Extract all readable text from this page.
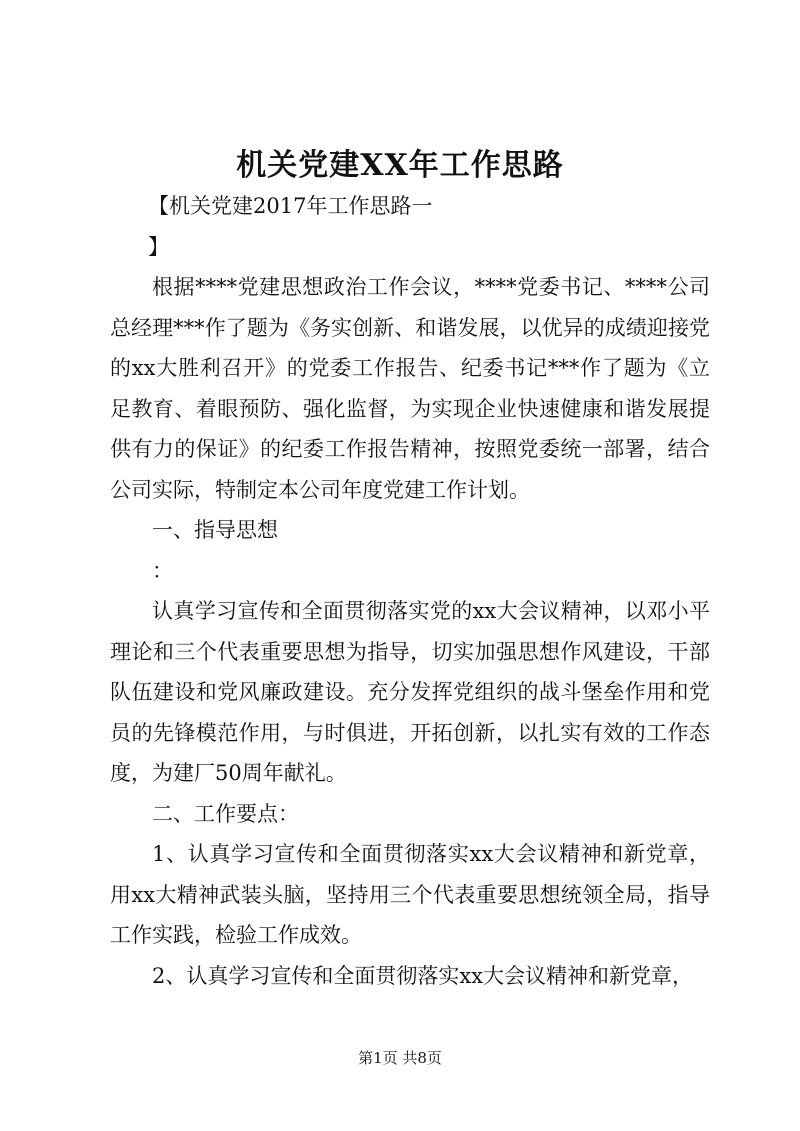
机关党建XX年工作思路

【机关党建2017年工作思路一

】

根据****党建思想政治工作会议，****党委书记、****公司总经理***作了题为《务实创新、和谐发展，以优异的成绩迎接党的xx大胜利召开》的党委工作报告、纪委书记***作了题为《立足教育、着眼预防、强化监督，为实现企业快速健康和谐发展提供有力的保证》的纪委工作报告精神，按照党委统一部署，结合公司实际，特制定本公司年度党建工作计划。

一、指导思想

：

认真学习宣传和全面贯彻落实党的xx大会议精神，以邓小平理论和三个代表重要思想为指导，切实加强思想作风建设，干部队伍建设和党风廉政建设。充分发挥党组织的战斗堡垒作用和党员的先锋模范作用，与时俱进，开拓创新，以扎实有效的工作态度，为建厂50周年献礼。

二、工作要点：

1、认真学习宣传和全面贯彻落实xx大会议精神和新党章，用xx大精神武装头脑，坚持用三个代表重要思想统领全局，指导工作实践，检验工作成效。

2、认真学习宣传和全面贯彻落实xx大会议精神和新党章，

第1页 共8页
